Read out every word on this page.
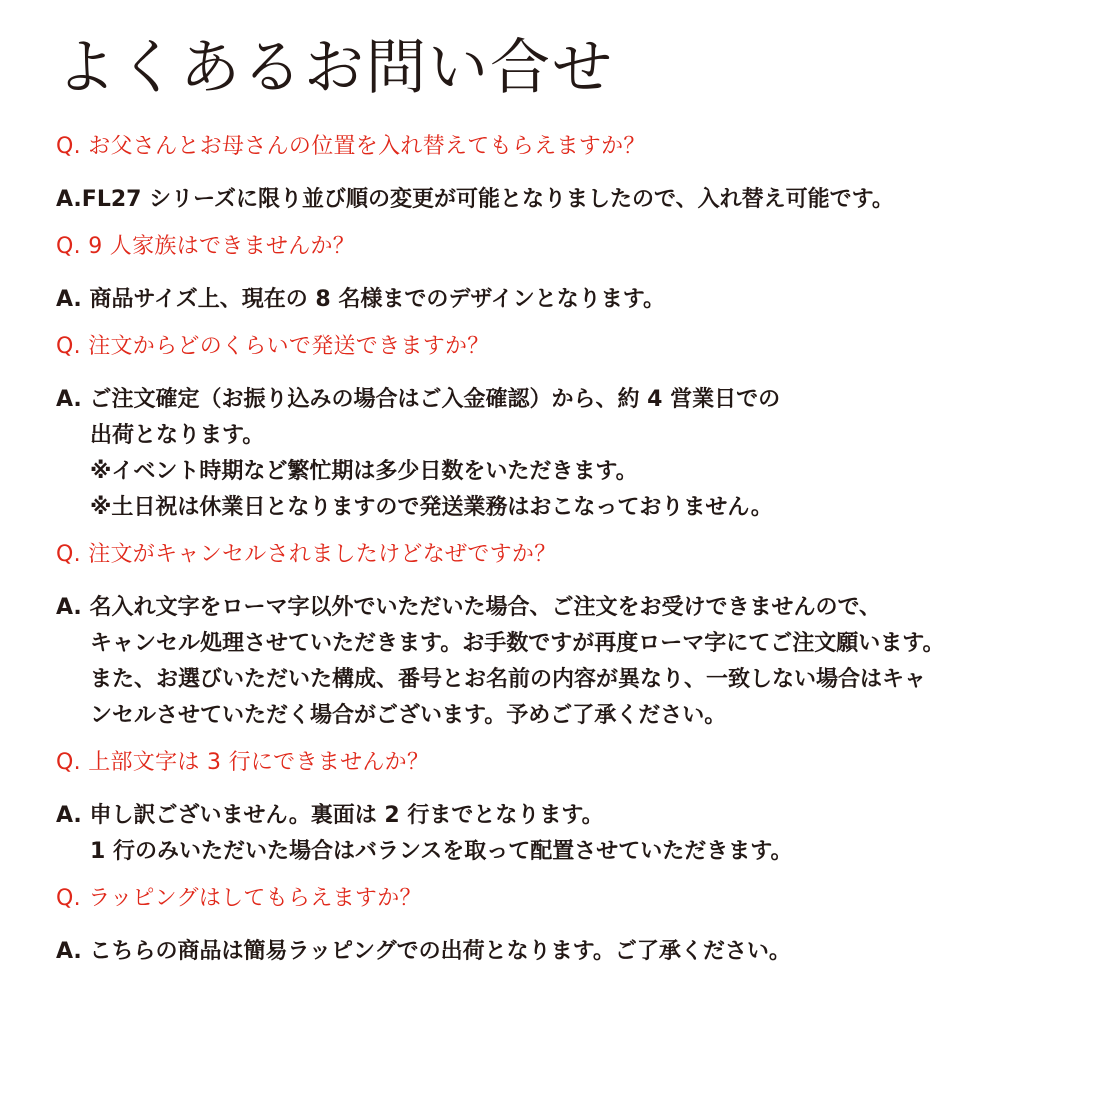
よくあるお問い合せ
Q. お父さんとお母さんの位置を入れ替えてもらえますか？
A.FL27 シリーズに限り並び順の変更が可能となりましたので、入れ替え可能です。
Q. 9 人家族はできませんか？
A. 商品サイズ上、現在の 8 名様までのデザインとなります。
Q. 注文からどのくらいで発送できますか？
A. ご注文確定（お振り込みの場合はご入金確認）から、約 4 営業日での
出荷となります。
※イベント時期など繁忙期は多少日数をいただきます。
※土日祝は休業日となりますので発送業務はおこなっておりません。
Q. 注文がキャンセルされましたけどなぜですか？
A. 名入れ文字をローマ字以外でいただいた場合、ご注文をお受けできませんので、
キャンセル処理させていただきます。お手数ですが再度ローマ字にてご注文願います。
また、お選びいただいた構成、番号とお名前の内容が異なり、一致しない場合はキャ
ンセルさせていただく場合がございます。予めご了承ください。
Q. 上部文字は 3 行にできませんか？
A. 申し訳ございません。裏面は 2 行までとなります。
1 行のみいただいた場合はバランスを取って配置させていただきます。
Q. ラッピングはしてもらえますか？
A. こちらの商品は簡易ラッピングでの出荷となります。ご了承ください。
